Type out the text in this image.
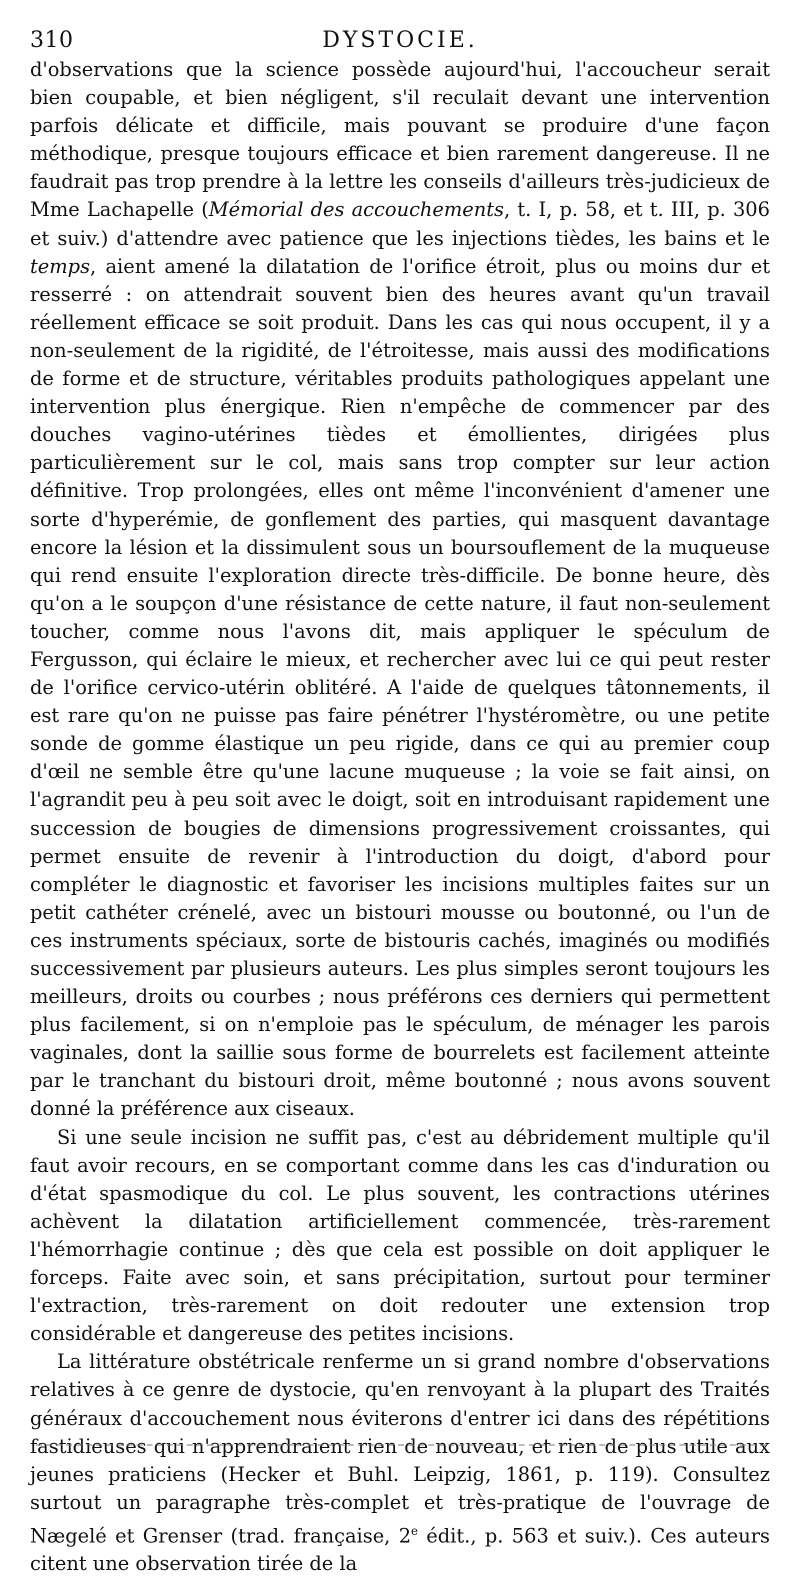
310	DYSTOCIE.

d'observations que la science possède aujourd'hui, l'accoucheur serait bien coupable, et bien négligent, s'il reculait devant une intervention parfois délicate et difficile, mais pouvant se produire d'une façon méthodique, presque toujours efficace et bien rarement dangereuse. Il ne faudrait pas trop prendre à la lettre les conseils d'ailleurs très-judicieux de Mme Lachapelle (Mémorial des accouchements, t. I, p. 58, et t. III, p. 306 et suiv.) d'attendre avec patience que les injections tièdes, les bains et le temps, aient amené la dilatation de l'orifice étroit, plus ou moins dur et resserré : on attendrait souvent bien des heures avant qu'un travail réellement efficace se soit produit. Dans les cas qui nous occupent, il y a non-seulement de la rigidité, de l'étroitesse, mais aussi des modifications de forme et de structure, véritables produits pathologiques appelant une intervention plus énergique. Rien n'empêche de commencer par des douches vagino-utérines tièdes et émollientes, dirigées plus particulièrement sur le col, mais sans trop compter sur leur action définitive. Trop prolongées, elles ont même l'inconvénient d'amener une sorte d'hyperémie, de gonflement des parties, qui masquent davantage encore la lésion et la dissimulent sous un boursouflement de la muqueuse qui rend ensuite l'exploration directe très-difficile. De bonne heure, dès qu'on a le soupçon d'une résistance de cette nature, il faut non-seulement toucher, comme nous l'avons dit, mais appliquer le spéculum de Fergusson, qui éclaire le mieux, et rechercher avec lui ce qui peut rester de l'orifice cervico-utérin oblitéré. A l'aide de quelques tâtonnements, il est rare qu'on ne puisse pas faire pénétrer l'hystéromètre, ou une petite sonde de gomme élastique un peu rigide, dans ce qui au premier coup d'œil ne semble être qu'une lacune muqueuse ; la voie se fait ainsi, on l'agrandit peu à peu soit avec le doigt, soit en introduisant rapidement une succession de bougies de dimensions progressivement croissantes, qui permet ensuite de revenir à l'introduction du doigt, d'abord pour compléter le diagnostic et favoriser les incisions multiples faites sur un petit cathéter crénelé, avec un bistouri mousse ou boutonné, ou l'un de ces instruments spéciaux, sorte de bistouris cachés, imaginés ou modifiés successivement par plusieurs auteurs. Les plus simples seront toujours les meilleurs, droits ou courbes ; nous préférons ces derniers qui permettent plus facilement, si on n'emploie pas le spéculum, de ménager les parois vaginales, dont la saillie sous forme de bourrelets est facilement atteinte par le tranchant du bistouri droit, même boutonné ; nous avons souvent donné la préférence aux ciseaux.

Si une seule incision ne suffit pas, c'est au débridement multiple qu'il faut avoir recours, en se comportant comme dans les cas d'induration ou d'état spasmodique du col. Le plus souvent, les contractions utérines achèvent la dilatation artificiellement commencée, très-rarement l'hémorrhagie continue ; dès que cela est possible on doit appliquer le forceps. Faite avec soin, et sans précipitation, surtout pour terminer l'extraction, très-rarement on doit redouter une extension trop considérable et dangereuse des petites incisions.

La littérature obstétricale renferme un si grand nombre d'observations relatives à ce genre de dystocie, qu'en renvoyant à la plupart des Traités généraux d'accouchement nous éviterons d'entrer ici dans des répétitions fastidieuses qui n'apprendraient rien de nouveau, et rien de plus utile aux jeunes praticiens (Hecker et Buhl. Leipzig, 1861, p. 119). Consultez surtout un paragraphe très-complet et très-pratique de l'ouvrage de Nægelé et Grenser (trad. française, 2e édit., p. 563 et suiv.). Ces auteurs citent une observation tirée de la
